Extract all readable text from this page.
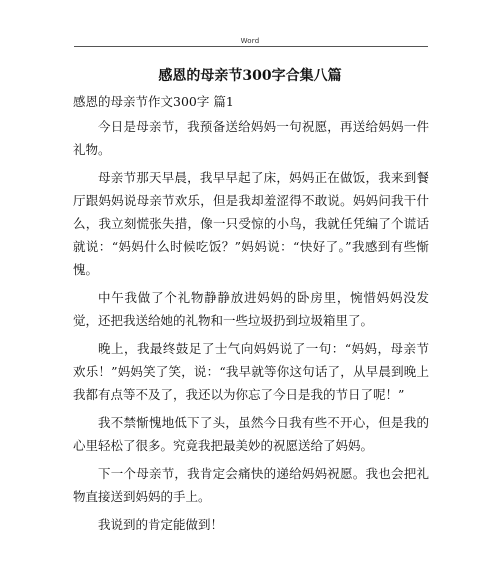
Word
感恩的母亲节300字合集八篇
感恩的母亲节作文300字 篇1

今日是母亲节，我预备送给妈妈一句祝愿，再送给妈妈一件礼物。

母亲节那天早晨，我早早起了床，妈妈正在做饭，我来到餐厅跟妈妈说母亲节欢乐，但是我却羞涩得不敢说。妈妈问我干什么，我立刻慌张失措，像一只受惊的小鸟，我就任凭编了个谎话就说：“妈妈什么时候吃饭？”妈妈说：“快好了。”我感到有些惭愧。

中午我做了个礼物静静放进妈妈的卧房里，惋惜妈妈没发觉，还把我送给她的礼物和一些垃圾扔到垃圾箱里了。

晚上，我最终鼓足了士气向妈妈说了一句：“妈妈，母亲节欢乐！”妈妈笑了笑，说：“我早就等你这句话了，从早晨到晚上我都有点等不及了，我还以为你忘了今日是我的节日了呢！”

我不禁惭愧地低下了头，虽然今日我有些不开心，但是我的心里轻松了很多。究竟我把最美妙的祝愿送给了妈妈。

下一个母亲节，我肯定会痛快的递给妈妈祝愿。我也会把礼物直接送到妈妈的手上。

我说到的肯定能做到！
